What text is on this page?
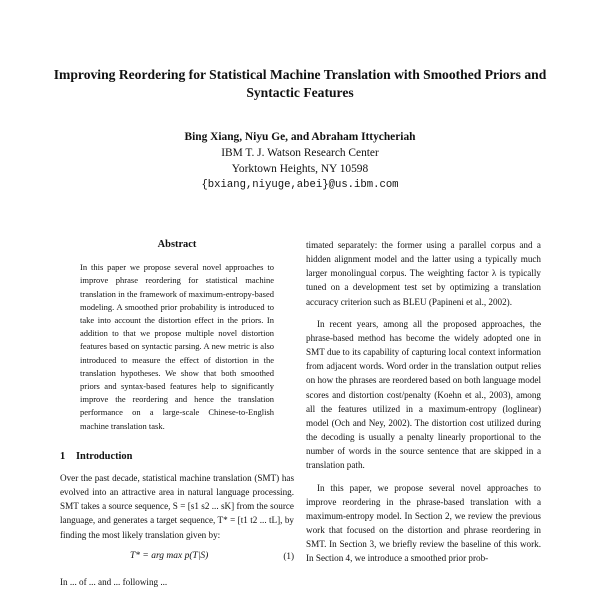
Improving Reordering for Statistical Machine Translation with Smoothed Priors and Syntactic Features
Bing Xiang, Niyu Ge, and Abraham Ittycheriah
IBM T. J. Watson Research Center
Yorktown Heights, NY 10598
{bxiang,niyuge,abei}@us.ibm.com
Abstract

In this paper we propose several novel approaches to improve phrase reordering for statistical machine translation in the framework of maximum-entropy-based modeling. A smoothed prior probability is introduced to take into account the distortion effect in the priors. In addition to that we propose multiple novel distortion features based on syntactic parsing. A new metric is also introduced to measure the effect of distortion in the translation hypotheses. We show that both smoothed priors and syntax-based features help to significantly improve the reordering and hence the translation performance on a large-scale Chinese-to-English machine translation task.

1 Introduction

Over the past decade, statistical machine translation (SMT) has evolved into an attractive area in natural language processing. SMT takes a source sequence, S = [s1 s2 ... sK] from the source language, and generates a target sequence, T* = [t1 t2 ... tL], by finding the most likely translation given by:

T* = arg max p(T|S)	(1)

In ... of ... and ... following ...

timated separately: the former using a parallel corpus and a hidden alignment model and the latter using a typically much larger monolingual corpus. The weighting factor λ is typically tuned on a development test set by optimizing a translation accuracy criterion such as BLEU (Papineni et al., 2002).

In recent years, among all the proposed approaches, the phrase-based method has become the widely adopted one in SMT due to its capability of capturing local context information from adjacent words. Word order in the translation output relies on how the phrases are reordered based on both language model scores and distortion cost/penalty (Koehn et al., 2003), among all the features utilized in a maximum-entropy (loglinear) model (Och and Ney, 2002). The distortion cost utilized during the decoding is usually a penalty linearly proportional to the number of words in the source sentence that are skipped in a translation path.

In this paper, we propose several novel approaches to improve reordering in the phrase-based translation with a maximum-entropy model. In Section 2, we review the previous work that focused on the distortion and phrase reordering in SMT. In Section 3, we briefly review the baseline of this work. In Section 4, we introduce a smoothed prior prob-
